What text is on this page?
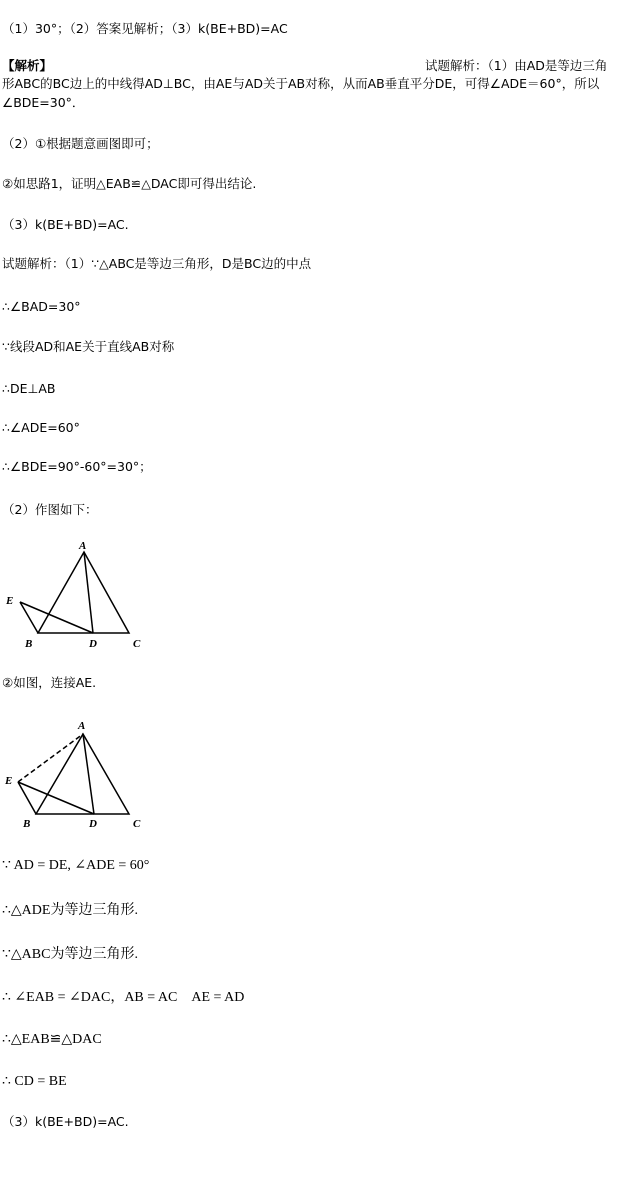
（1）30°；（2）答案见解析；（3）k(BE+BD)=AC
【解析】	试题解析：（1）由AD是等边三角
形ABC的BC边上的中线得AD⊥BC，由AE与AD关于AB对称，从而AB垂直平分DE，可得∠ADE＝60°，所以
∠BDE=30°．
（2）①根据题意画图即可；
②如思路1，证明△EAB≌△DAC即可得出结论.
（3）k(BE+BD)=AC.
试题解析：（1）∵△ABC是等边三角形，D是BC边的中点
∴∠BAD=30°
∵线段AD和AE关于直线AB对称
∴DE⊥AB
∴∠ADE=60°
∴∠BDE=90°-60°=30°；
（2）作图如下：
A
E
B	D	C
②如图，连接AE.
A
E
B	D	C
∵ AD = DE, ∠ADE = 60°
∴△ADE为等边三角形.
∵△ABC为等边三角形.
∴ ∠EAB = ∠DAC，AB = AC　AE = AD
∴△EAB≌△DAC
∴ CD = BE
（3）k(BE+BD)=AC.
